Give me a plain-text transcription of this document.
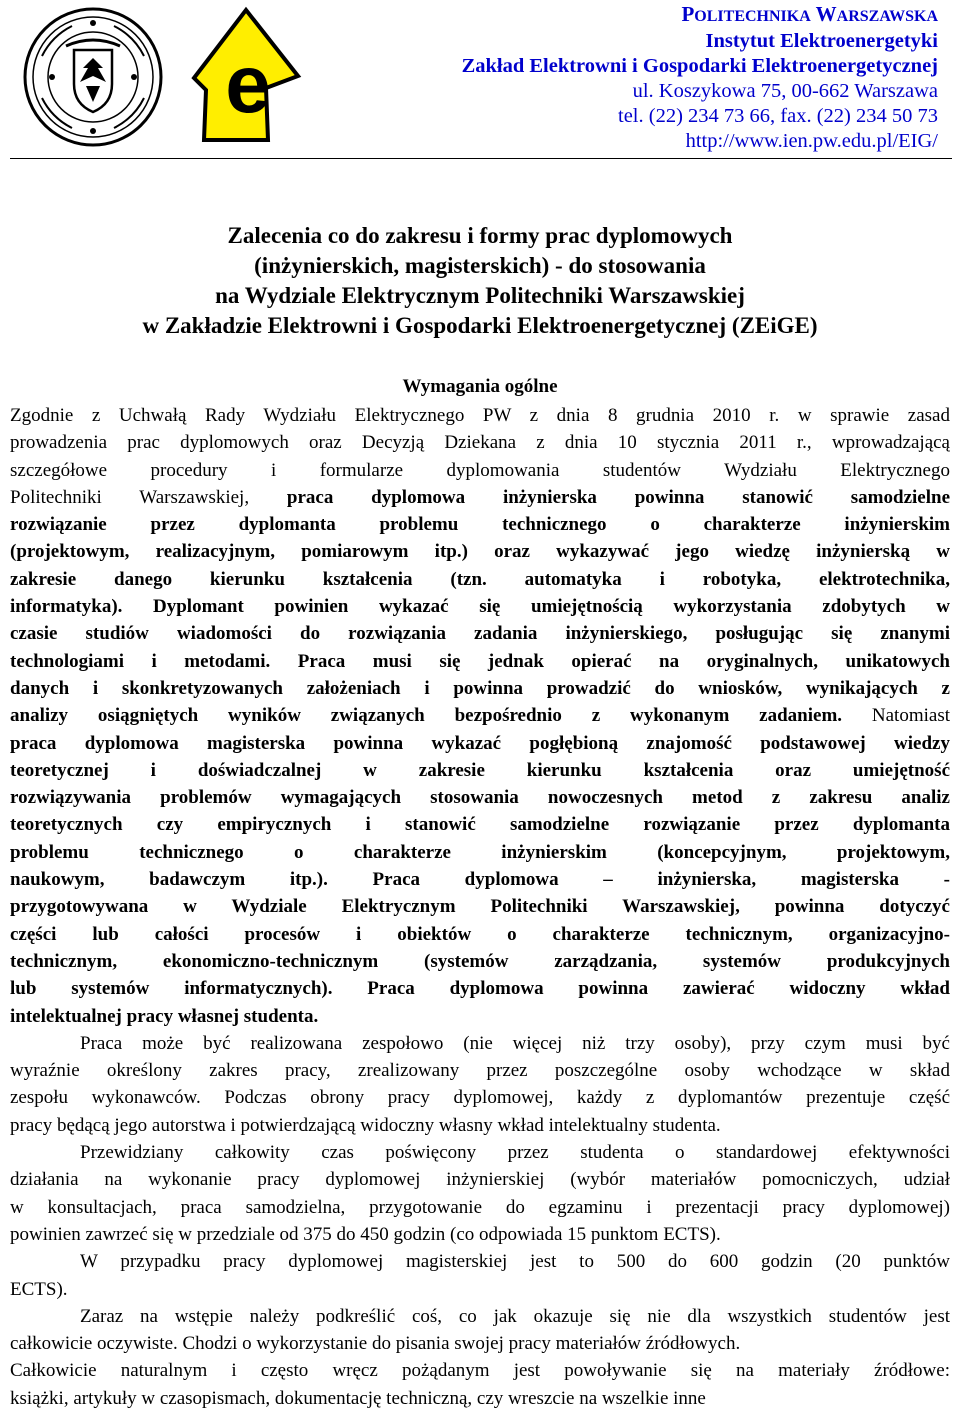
e
POLITECHNIKA WARSZAWSKA
Instytut Elektroenergetyki
Zakład Elektrowni i Gospodarki Elektroenergetycznej
ul. Koszykowa 75, 00-662 Warszawa
tel. (22) 234 73 66, fax. (22) 234 50 73
http://www.ien.pw.edu.pl/EIG/
Zalecenia co do zakresu i formy prac dyplomowych
(inżynierskich, magisterskich) - do stosowania
na Wydziale Elektrycznym Politechniki Warszawskiej
w Zakładzie Elektrowni i Gospodarki Elektroenergetycznej (ZEiGE)
Wymagania ogólne
Zgodnie z Uchwałą Rady Wydziału Elektrycznego PW z dnia 8 grudnia 2010 r. w sprawie zasad
prowadzenia prac dyplomowych oraz Decyzją Dziekana z dnia 10 stycznia 2011 r., wprowadzającą
szczegółowe procedury i formularze dyplomowania studentów Wydziału Elektrycznego
Politechniki Warszawskiej, praca dyplomowa inżynierska powinna stanowić samodzielne
rozwiązanie przez dyplomanta problemu technicznego o charakterze inżynierskim
(projektowym, realizacyjnym, pomiarowym itp.) oraz wykazywać jego wiedzę inżynierską w
zakresie danego kierunku kształcenia (tzn. automatyka i robotyka, elektrotechnika,
informatyka). Dyplomant powinien wykazać się umiejętnością wykorzystania zdobytych w
czasie studiów wiadomości do rozwiązania zadania inżynierskiego, posługując się znanymi
technologiami i metodami. Praca musi się jednak opierać na oryginalnych, unikatowych
danych i skonkretyzowanych założeniach i powinna prowadzić do wniosków, wynikających z
analizy osiągniętych wyników związanych bezpośrednio z wykonanym zadaniem. Natomiast
praca dyplomowa magisterska powinna wykazać pogłębioną znajomość podstawowej wiedzy
teoretycznej i doświadczalnej w zakresie kierunku kształcenia oraz umiejętność
rozwiązywania problemów wymagających stosowania nowoczesnych metod z zakresu analiz
teoretycznych czy empirycznych i stanowić samodzielne rozwiązanie przez dyplomanta
problemu technicznego o charakterze inżynierskim (koncepcyjnym, projektowym,
naukowym, badawczym itp.). Praca dyplomowa – inżynierska, magisterska -
przygotowywana w Wydziale Elektrycznym Politechniki Warszawskiej, powinna dotyczyć
części lub całości procesów i obiektów o charakterze technicznym, organizacyjno-
technicznym, ekonomiczno-technicznym (systemów zarządzania, systemów produkcyjnych
lub systemów informatycznych). Praca dyplomowa powinna zawierać widoczny wkład
intelektualnej pracy własnej studenta.
Praca może być realizowana zespołowo (nie więcej niż trzy osoby), przy czym musi być
wyraźnie określony zakres pracy, zrealizowany przez poszczególne osoby wchodzące w skład
zespołu wykonawców. Podczas obrony pracy dyplomowej, każdy z dyplomantów prezentuje część
pracy będącą jego autorstwa i potwierdzającą widoczny własny wkład intelektualny studenta.
Przewidziany całkowity czas poświęcony przez studenta o standardowej efektywności
działania na wykonanie pracy dyplomowej inżynierskiej (wybór materiałów pomocniczych, udział
w konsultacjach, praca samodzielna, przygotowanie do egzaminu i prezentacji pracy dyplomowej)
powinien zawrzeć się w przedziale od 375 do 450 godzin (co odpowiada 15 punktom ECTS).
W przypadku pracy dyplomowej magisterskiej jest to 500 do 600 godzin (20 punktów
ECTS).
Zaraz na wstępie należy podkreślić coś, co jak okazuje się nie dla wszystkich studentów jest
całkowicie oczywiste. Chodzi o wykorzystanie do pisania swojej pracy materiałów źródłowych.
Całkowicie naturalnym i często wręcz pożądanym jest powoływanie się na materiały źródłowe:
książki, artykuły w czasopismach, dokumentację techniczną, czy wreszcie na wszelkie inne
